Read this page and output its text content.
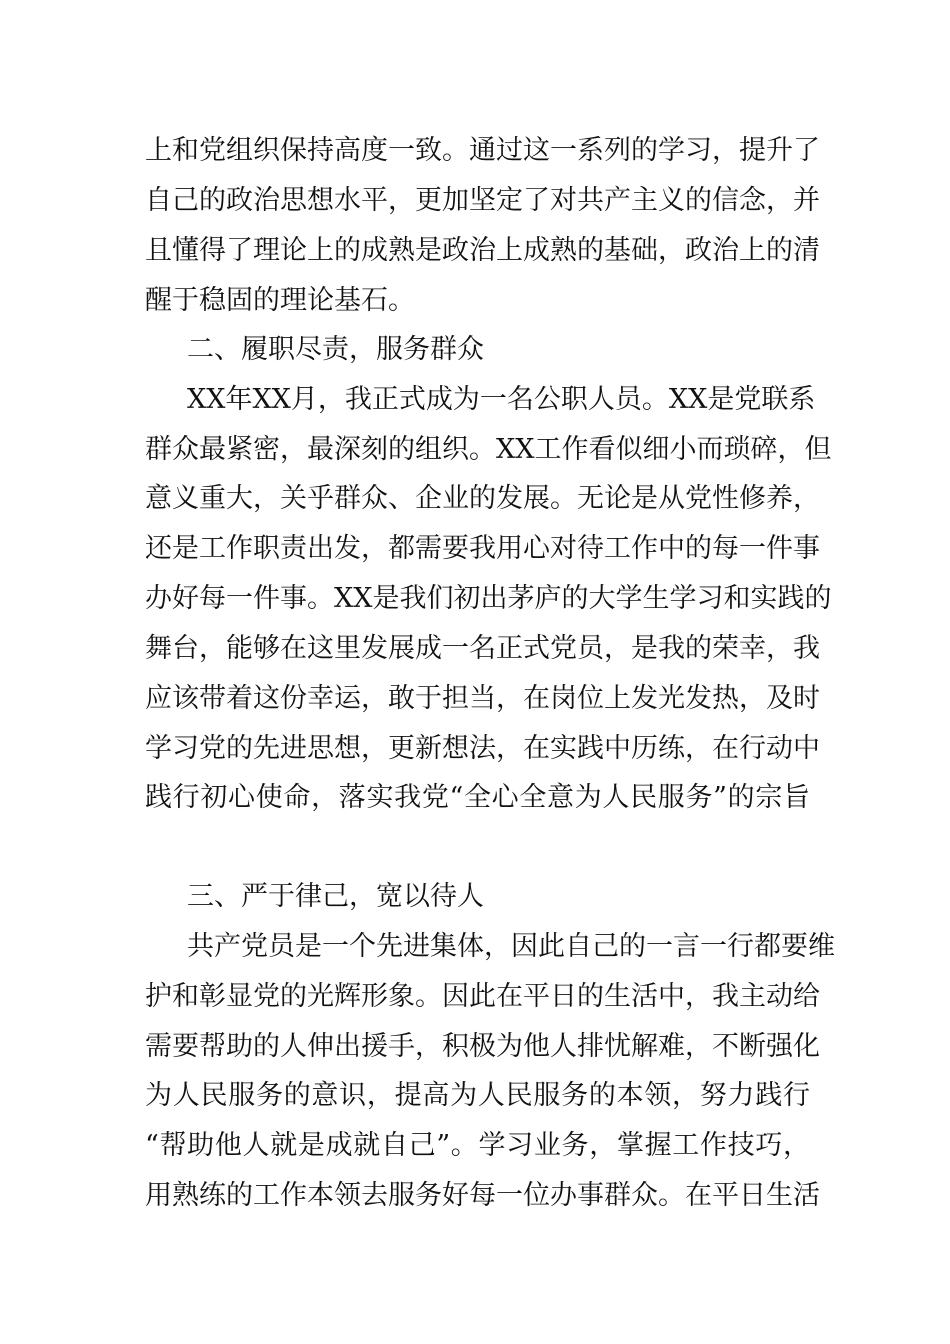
上和党组织保持高度一致。通过这一系列的学习，提升了
自己的政治思想水平，更加坚定了对共产主义的信念，并
且懂得了理论上的成熟是政治上成熟的基础，政治上的清
醒于稳固的理论基石。
二、履职尽责，服务群众
XX年XX月，我正式成为一名公职人员。XX是党联系
群众最紧密，最深刻的组织。XX工作看似细小而琐碎，但
意义重大，关乎群众、企业的发展。无论是从党性修养，
还是工作职责出发，都需要我用心对待工作中的每一件事
办好每一件事。XX是我们初出茅庐的大学生学习和实践的
舞台，能够在这里发展成一名正式党员，是我的荣幸，我
应该带着这份幸运，敢于担当，在岗位上发光发热，及时
学习党的先进思想，更新想法，在实践中历练，在行动中
践行初心使命，落实我党“全心全意为人民服务”的宗旨
三、严于律己，宽以待人
共产党员是一个先进集体，因此自己的一言一行都要维
护和彰显党的光辉形象。因此在平日的生活中，我主动给
需要帮助的人伸出援手，积极为他人排忧解难，不断强化
为人民服务的意识，提高为人民服务的本领，努力践行
“帮助他人就是成就自己”。学习业务，掌握工作技巧，
用熟练的工作本领去服务好每一位办事群众。在平日生活
